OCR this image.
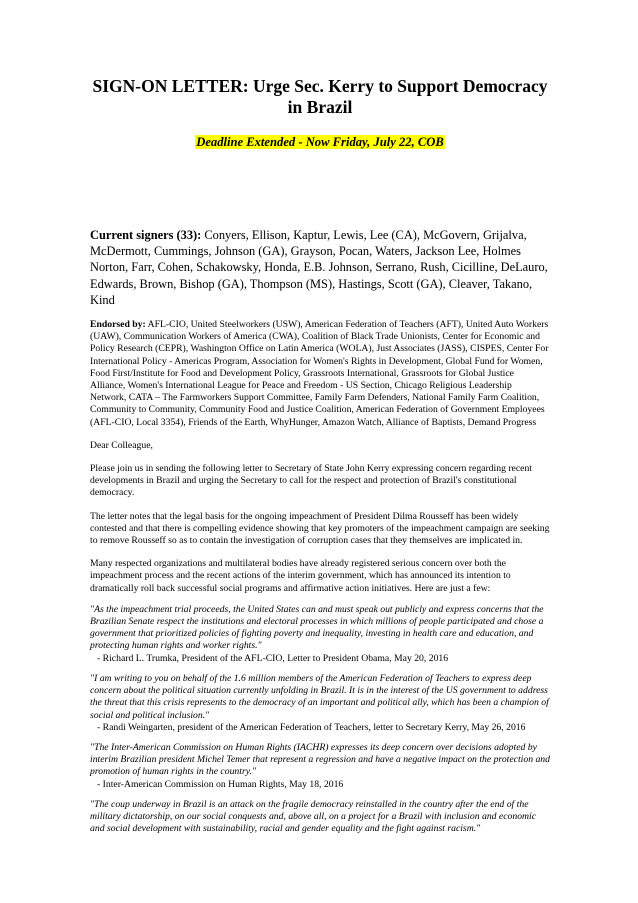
SIGN-ON LETTER: Urge Sec. Kerry to Support Democracy in Brazil
Deadline Extended - Now Friday, July 22, COB
Current signers (33): Conyers, Ellison, Kaptur, Lewis, Lee (CA), McGovern, Grijalva, McDermott, Cummings, Johnson (GA), Grayson, Pocan, Waters, Jackson Lee, Holmes Norton, Farr, Cohen, Schakowsky, Honda, E.B. Johnson, Serrano, Rush, Cicilline, DeLauro, Edwards, Brown, Bishop (GA), Thompson (MS), Hastings, Scott (GA), Cleaver, Takano, Kind
Endorsed by: AFL-CIO, United Steelworkers (USW), American Federation of Teachers (AFT), United Auto Workers (UAW), Communication Workers of America (CWA), Coalition of Black Trade Unionists, Center for Economic and Policy Research (CEPR), Washington Office on Latin America (WOLA), Just Associates (JASS), CISPES, Center For International Policy - Americas Program, Association for Women's Rights in Development, Global Fund for Women, Food First/Institute for Food and Development Policy, Grassroots International, Grassroots for Global Justice Alliance, Women's International League for Peace and Freedom - US Section, Chicago Religious Leadership Network, CATA – The Farmworkers Support Committee, Family Farm Defenders, National Family Farm Coalition, Community to Community, Community Food and Justice Coalition, American Federation of Government Employees (AFL-CIO, Local 3354), Friends of the Earth, WhyHunger, Amazon Watch, Alliance of Baptists, Demand Progress
Dear Colleague,
Please join us in sending the following letter to Secretary of State John Kerry expressing concern regarding recent developments in Brazil and urging the Secretary to call for the respect and protection of Brazil's constitutional democracy.
The letter notes that the legal basis for the ongoing impeachment of President Dilma Rousseff has been widely contested and that there is compelling evidence showing that key promoters of the impeachment campaign are seeking to remove Rousseff so as to contain the investigation of corruption cases that they themselves are implicated in.
Many respected organizations and multilateral bodies have already registered serious concern over both the impeachment process and the recent actions of the interim government, which has announced its intention to dramatically roll back successful social programs and affirmative action initiatives. Here are just a few:
"As the impeachment trial proceeds, the United States can and must speak out publicly and express concerns that the Brazilian Senate respect the institutions and electoral processes in which millions of people participated and chose a government that prioritized policies of fighting poverty and inequality, investing in health care and education, and protecting human rights and worker rights."
- Richard L. Trumka, President of the AFL-CIO, Letter to President Obama, May 20, 2016
"I am writing to you on behalf of the 1.6 million members of the American Federation of Teachers to express deep concern about the political situation currently unfolding in Brazil. It is in the interest of the US government to address the threat that this crisis represents to the democracy of an important and political ally, which has been a champion of social and political inclusion."
- Randi Weingarten, president of the American Federation of Teachers, letter to Secretary Kerry, May 26, 2016
"The Inter-American Commission on Human Rights (IACHR) expresses its deep concern over decisions adopted by interim Brazilian president Michel Temer that represent a regression and have a negative impact on the protection and promotion of human rights in the country."
- Inter-American Commission on Human Rights, May 18, 2016
"The coup underway in Brazil is an attack on the fragile democracy reinstalled in the country after the end of the military dictatorship, on our social conquests and, above all, on a project for a Brazil with inclusion and economic and social development with sustainability, racial and gender equality and the fight against racism."
